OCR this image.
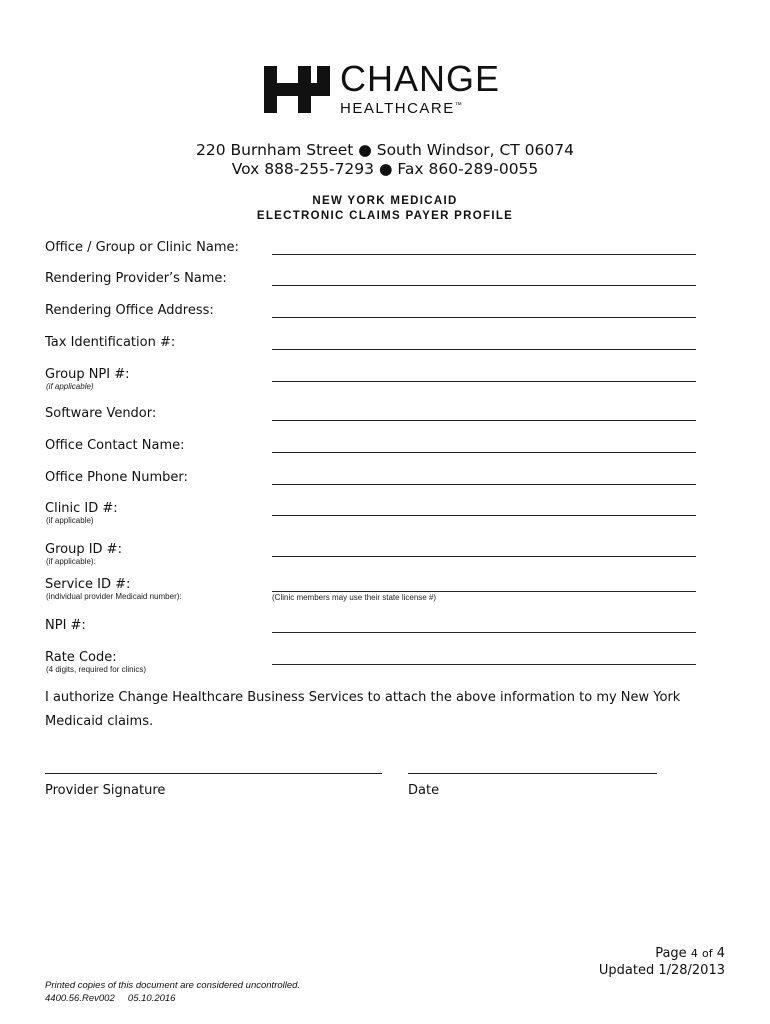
CHANGE
HEALTHCARE™
220 Burnham Street ● South Windsor, CT 06074
Vox 888-255-7293 ● Fax 860-289-0055
NEW YORK MEDICAID
ELECTRONIC CLAIMS PAYER PROFILE
Office / Group or Clinic Name:
Rendering Provider’s Name:
Rendering Office Address:
Tax Identification #:
Group NPI #:
(if applicable)
Software Vendor:
Office Contact Name:
Office Phone Number:
Clinic ID #:
(if applicable)
Group ID #:
(if applicable):
Service ID #:
(individual provider Medicaid number):	(Clinic members may use their state license #)
NPI #:
Rate Code:
(4 digits, required for clinics)
I authorize Change Healthcare Business Services to attach the above information to my New York Medicaid claims.
Provider Signature	Date
Page 4 of 4
Updated 1/28/2013
Printed copies of this document are considered uncontrolled.
4400.56.Rev002     05.10.2016
